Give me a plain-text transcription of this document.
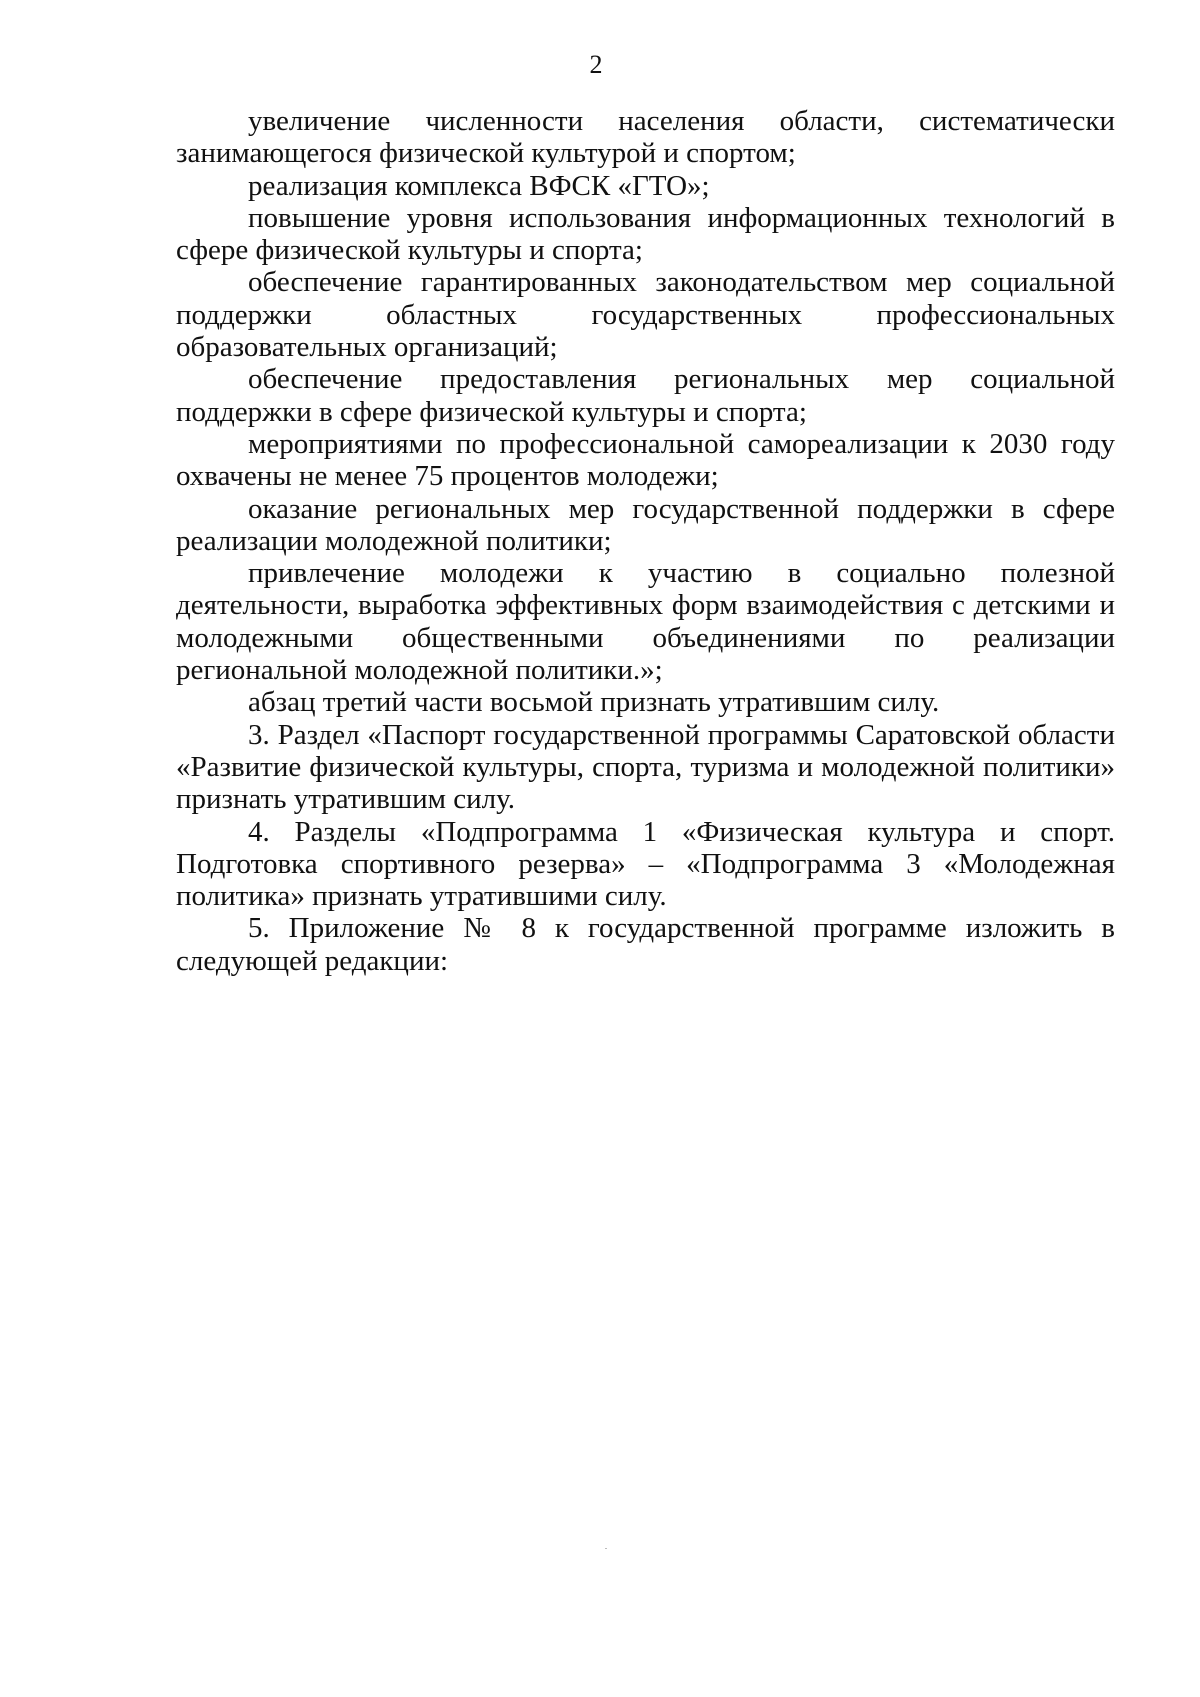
2

увеличение численности населения области, систематически занимающегося физической культурой и спортом;

реализация комплекса ВФСК «ГТО»;

повышение уровня использования информационных технологий в сфере физической культуры и спорта;

обеспечение гарантированных законодательством мер социальной поддержки областных государственных профессиональных образовательных организаций;

обеспечение предоставления региональных мер социальной поддержки в сфере физической культуры и спорта;

мероприятиями по профессиональной самореализации к 2030 году охвачены не менее 75 процентов молодежи;

оказание региональных мер государственной поддержки в сфере реализации молодежной политики;

привлечение молодежи к участию в социально полезной деятельности, выработка эффективных форм взаимодействия с детскими и молодежными общественными объединениями по реализации региональной молодежной политики.»;

абзац третий части восьмой признать утратившим силу.

3. Раздел «Паспорт государственной программы Саратовской области «Развитие физической культуры, спорта, туризма и молодежной политики» признать утратившим силу.

4. Разделы «Подпрограмма 1 «Физическая культура и спорт. Подготовка спортивного резерва» – «Подпрограмма 3 «Молодежная политика» признать утратившими силу.

5. Приложение № 8 к государственной программе изложить в следующей редакции:
